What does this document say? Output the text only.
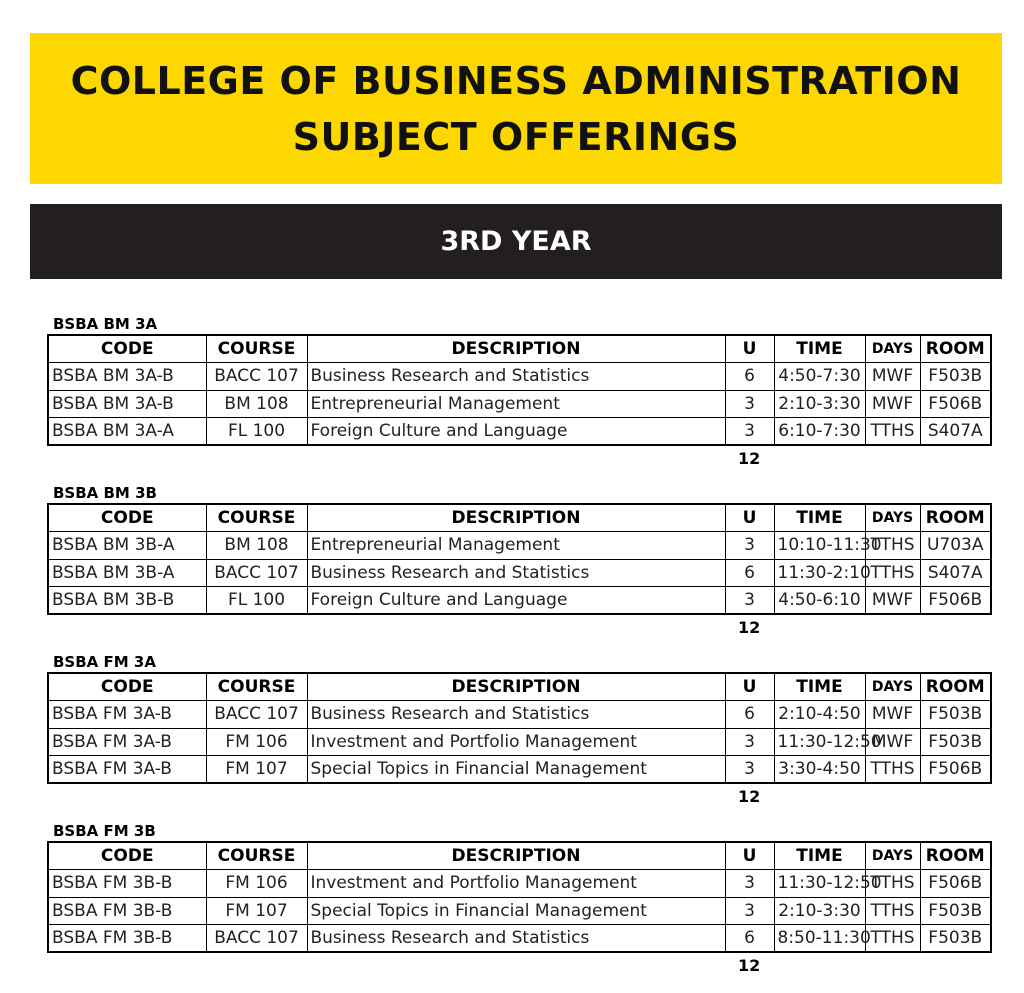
COLLEGE OF BUSINESS ADMINISTRATION
SUBJECT OFFERINGS
3RD YEAR
BSBA BM 3A
CODE	COURSE	DESCRIPTION	U	TIME	DAYS	ROOM
BSBA BM 3A-B	BACC 107	Business Research and Statistics	6	4:50-7:30	MWF	F503B
BSBA BM 3A-B	BM 108	Entrepreneurial Management	3	2:10-3:30	MWF	F506B
BSBA BM 3A-A	FL 100	Foreign Culture and Language	3	6:10-7:30	TTHS	S407A
12
BSBA BM 3B
CODE	COURSE	DESCRIPTION	U	TIME	DAYS	ROOM
BSBA BM 3B-A	BM 108	Entrepreneurial Management	3	10:10-11:30	TTHS	U703A
BSBA BM 3B-A	BACC 107	Business Research and Statistics	6	11:30-2:10	TTHS	S407A
BSBA BM 3B-B	FL 100	Foreign Culture and Language	3	4:50-6:10	MWF	F506B
12
BSBA FM 3A
CODE	COURSE	DESCRIPTION	U	TIME	DAYS	ROOM
BSBA FM 3A-B	BACC 107	Business Research and Statistics	6	2:10-4:50	MWF	F503B
BSBA FM 3A-B	FM 106	Investment and Portfolio Management	3	11:30-12:50	MWF	F503B
BSBA FM 3A-B	FM 107	Special Topics in Financial Management	3	3:30-4:50	TTHS	F506B
12
BSBA FM 3B
CODE	COURSE	DESCRIPTION	U	TIME	DAYS	ROOM
BSBA FM 3B-B	FM 106	Investment and Portfolio Management	3	11:30-12:50	TTHS	F506B
BSBA FM 3B-B	FM 107	Special Topics in Financial Management	3	2:10-3:30	TTHS	F503B
BSBA FM 3B-B	BACC 107	Business Research and Statistics	6	8:50-11:30	TTHS	F503B
12
